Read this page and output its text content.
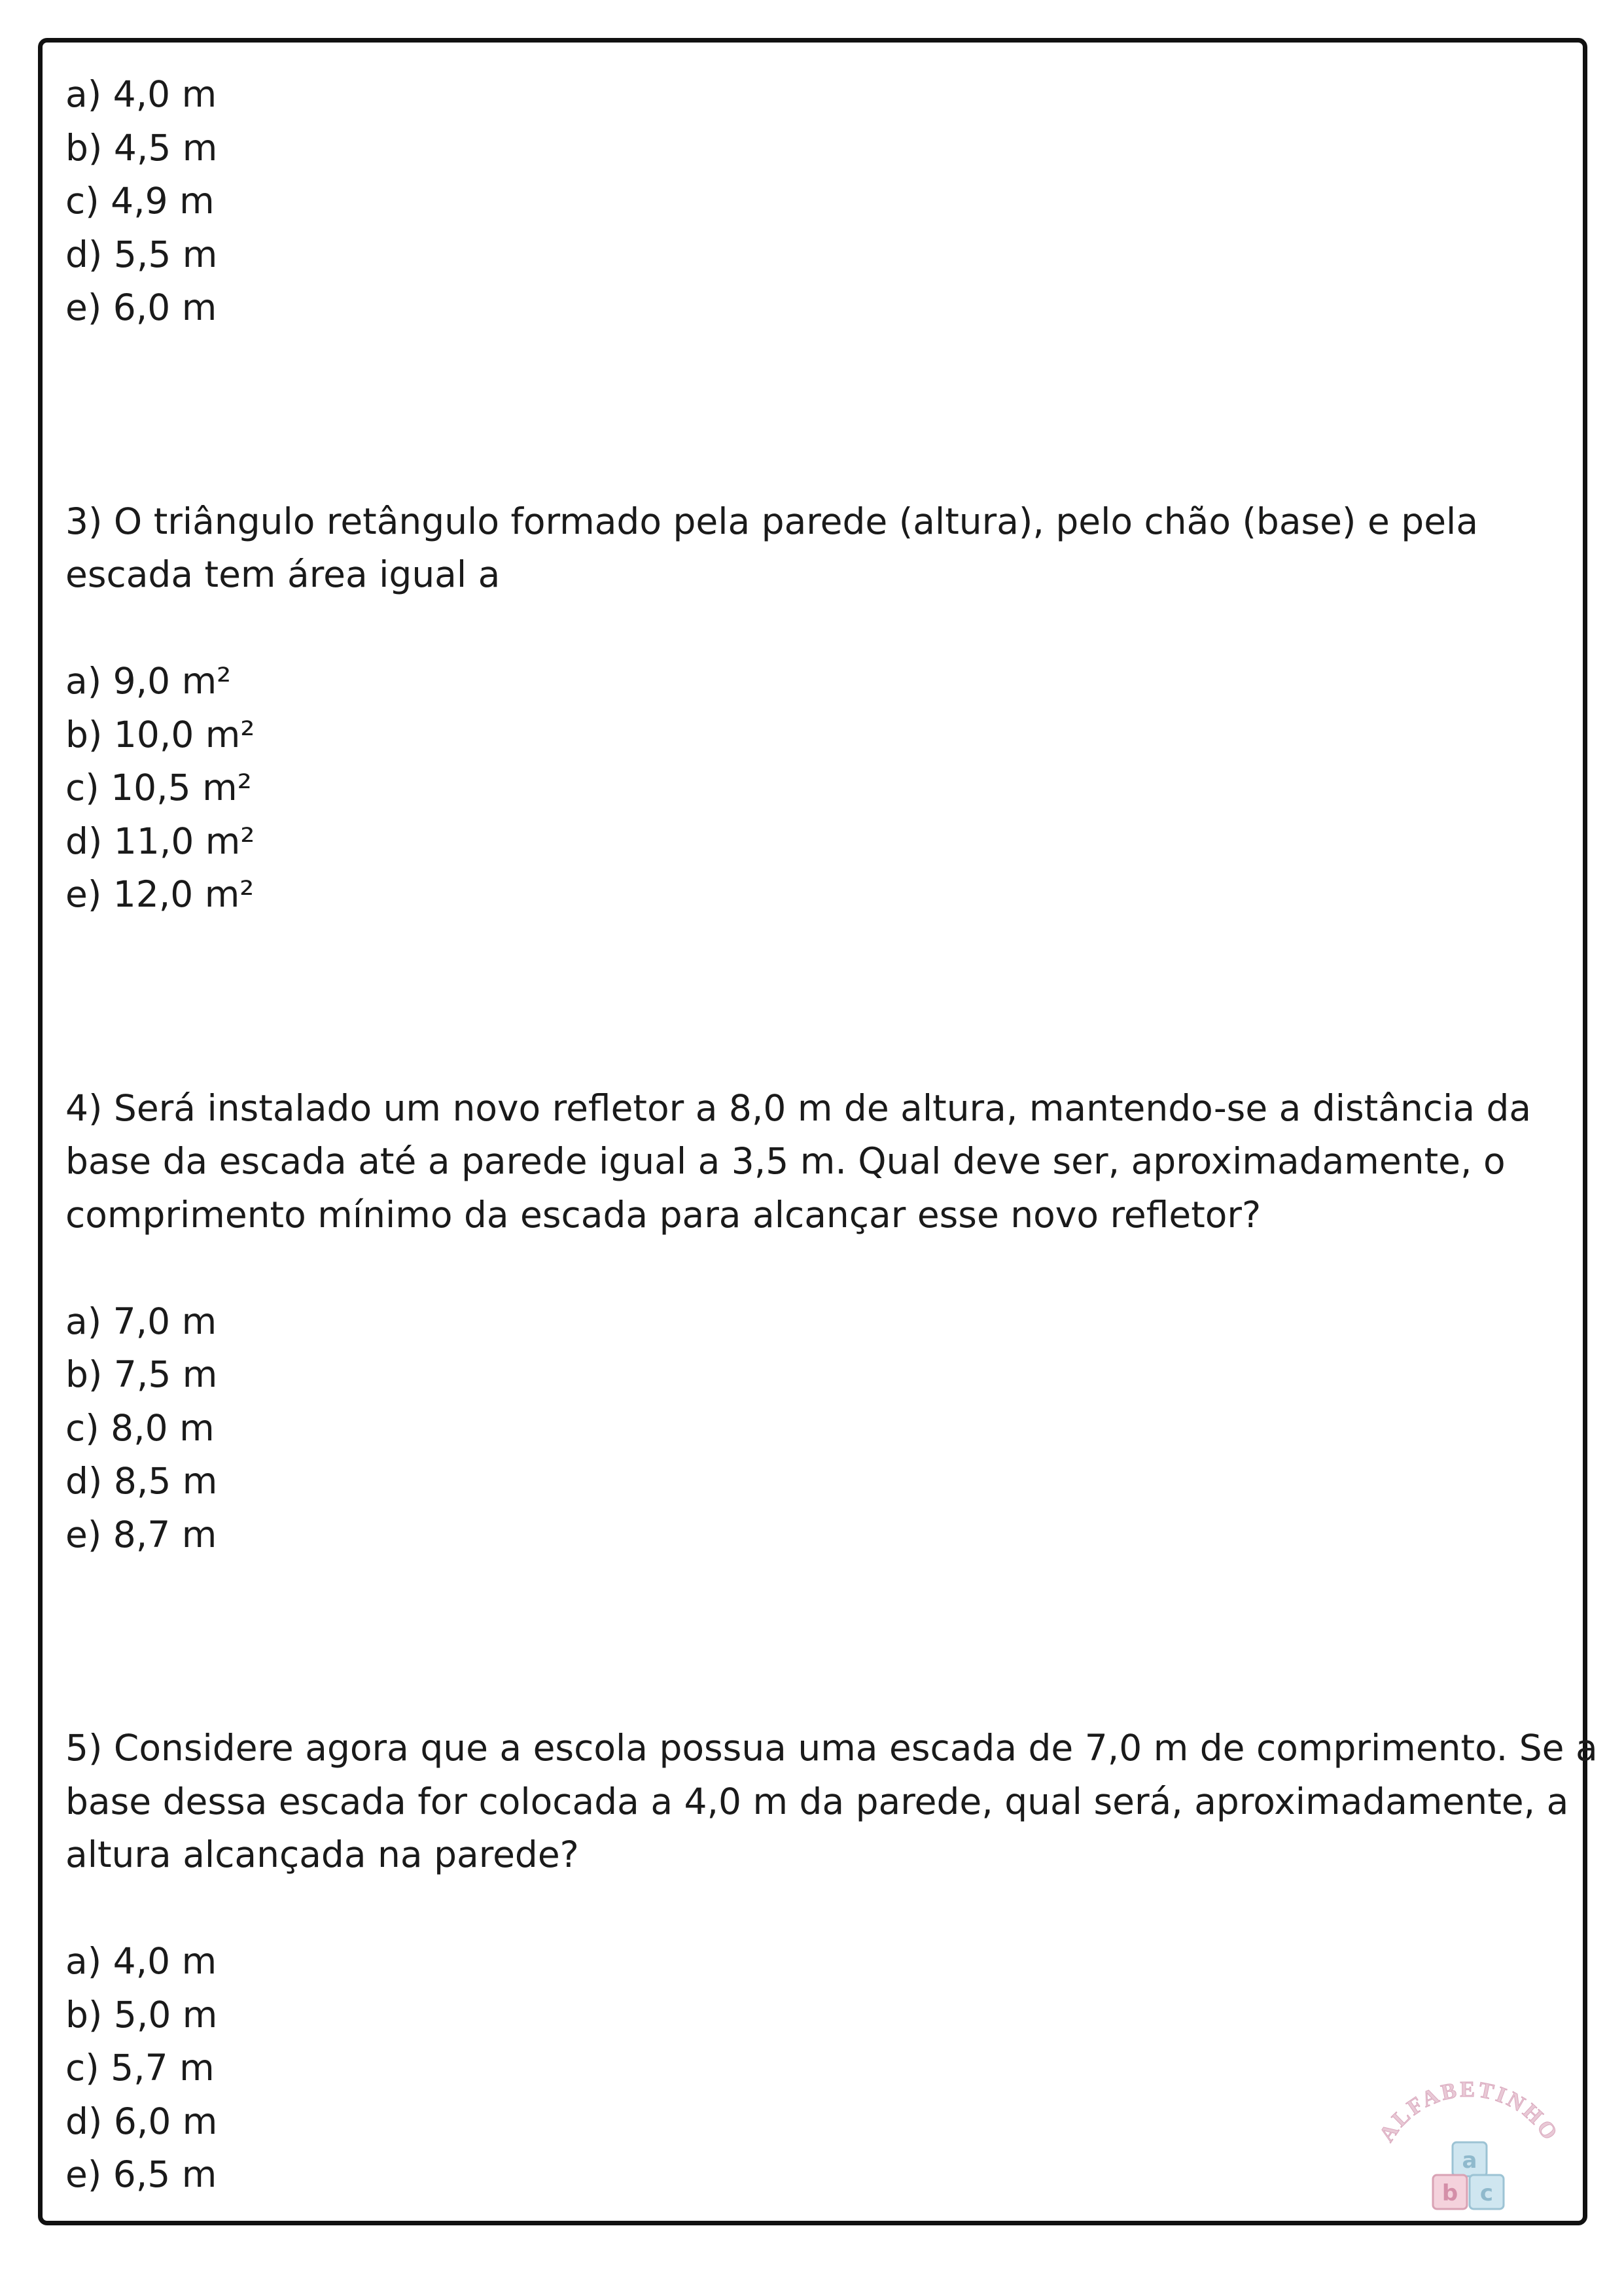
a) 4,0 m
b) 4,5 m
c) 4,9 m
d) 5,5 m
e) 6,0 m
3) O triângulo retângulo formado pela parede (altura), pelo chão (base) e pela
escada tem área igual a
a) 9,0 m²
b) 10,0 m²
c) 10,5 m²
d) 11,0 m²
e) 12,0 m²
4) Será instalado um novo refletor a 8,0 m de altura, mantendo-se a distância da
base da escada até a parede igual a 3,5 m. Qual deve ser, aproximadamente, o
comprimento mínimo da escada para alcançar esse novo refletor?
a) 7,0 m
b) 7,5 m
c) 8,0 m
d) 8,5 m
e) 8,7 m
5) Considere agora que a escola possua uma escada de 7,0 m de comprimento. Se a
base dessa escada for colocada a 4,0 m da parede, qual será, aproximadamente, a
altura alcançada na parede?
a) 4,0 m
b) 5,0 m
c) 5,7 m
d) 6,0 m
e) 6,5 m
ALFABETINHO
a
b c
